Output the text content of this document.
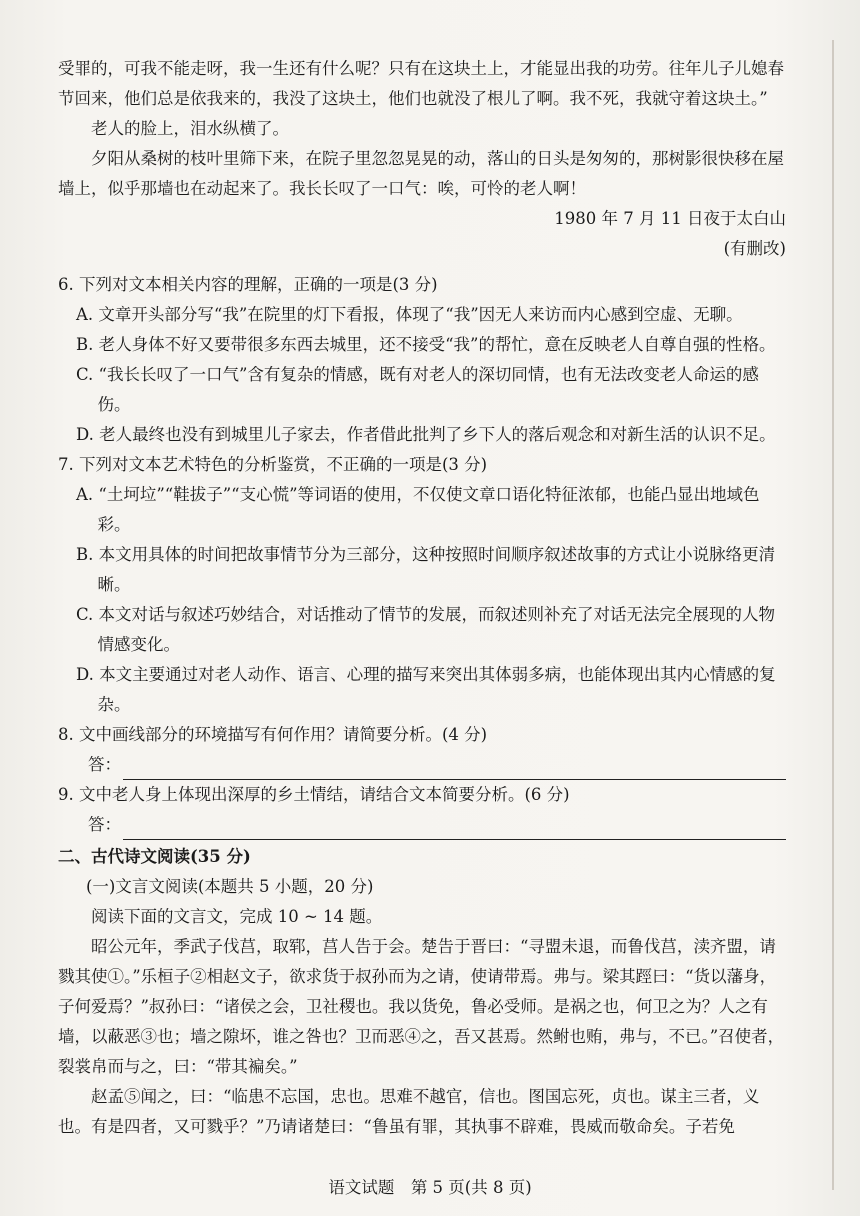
受罪的，可我不能走呀，我一生还有什么呢？只有在这块土上，才能显出我的功劳。往年儿子儿媳春节回来，他们总是依我来的，我没了这块土，他们也就没了根儿了啊。我不死，我就守着这块土。”

老人的脸上，泪水纵横了。

夕阳从桑树的枝叶里筛下来，在院子里忽忽晃晃的动，落山的日头是匆匆的，那树影很快移在屋墙上，似乎那墙也在动起来了。我长长叹了一口气：唉，可怜的老人啊！

1980 年 7 月 11 日夜于太白山

(有删改)

6. 下列对文本相关内容的理解，正确的一项是(3 分)

A. 文章开头部分写“我”在院里的灯下看报，体现了“我”因无人来访而内心感到空虚、无聊。

B. 老人身体不好又要带很多东西去城里，还不接受“我”的帮忙，意在反映老人自尊自强的性格。

C. “我长长叹了一口气”含有复杂的情感，既有对老人的深切同情，也有无法改变老人命运的感伤。

D. 老人最终也没有到城里儿子家去，作者借此批判了乡下人的落后观念和对新生活的认识不足。

7. 下列对文本艺术特色的分析鉴赏，不正确的一项是(3 分)

A. “土坷垃”“鞋拔子”“支心慌”等词语的使用，不仅使文章口语化特征浓郁，也能凸显出地域色彩。

B. 本文用具体的时间把故事情节分为三部分，这种按照时间顺序叙述故事的方式让小说脉络更清晰。

C. 本文对话与叙述巧妙结合，对话推动了情节的发展，而叙述则补充了对话无法完全展现的人物情感变化。

D. 本文主要通过对老人动作、语言、心理的描写来突出其体弱多病，也能体现出其内心情感的复杂。

8. 文中画线部分的环境描写有何作用？请简要分析。(4 分)

答：

9. 文中老人身上体现出深厚的乡土情结，请结合文本简要分析。(6 分)

答：

二、古代诗文阅读(35 分)

(一)文言文阅读(本题共 5 小题，20 分)

阅读下面的文言文，完成 10 ~ 14 题。

昭公元年，季武子伐莒，取郓，莒人告于会。楚告于晋曰：“寻盟未退，而鲁伐莒，渎齐盟，请戮其使①。”乐桓子②相赵文子，欲求货于叔孙而为之请，使请带焉。弗与。梁其踁曰：“货以藩身，子何爱焉？”叔孙曰：“诸侯之会，卫社稷也。我以货免，鲁必受师。是祸之也，何卫之为？人之有墙，以蔽恶③也；墙之隙坏，谁之咎也？卫而恶④之，吾又甚焉。然鲋也贿，弗与，不已。”召使者，裂裳帛而与之，曰：“带其褊矣。”

赵孟⑤闻之，曰：“临患不忘国，忠也。思难不越官，信也。图国忘死，贞也。谋主三者，义也。有是四者，又可戮乎？”乃请诸楚曰：“鲁虽有罪，其执事不辟难，畏威而敬命矣。子若免

语文试题　第 5 页(共 8 页)
